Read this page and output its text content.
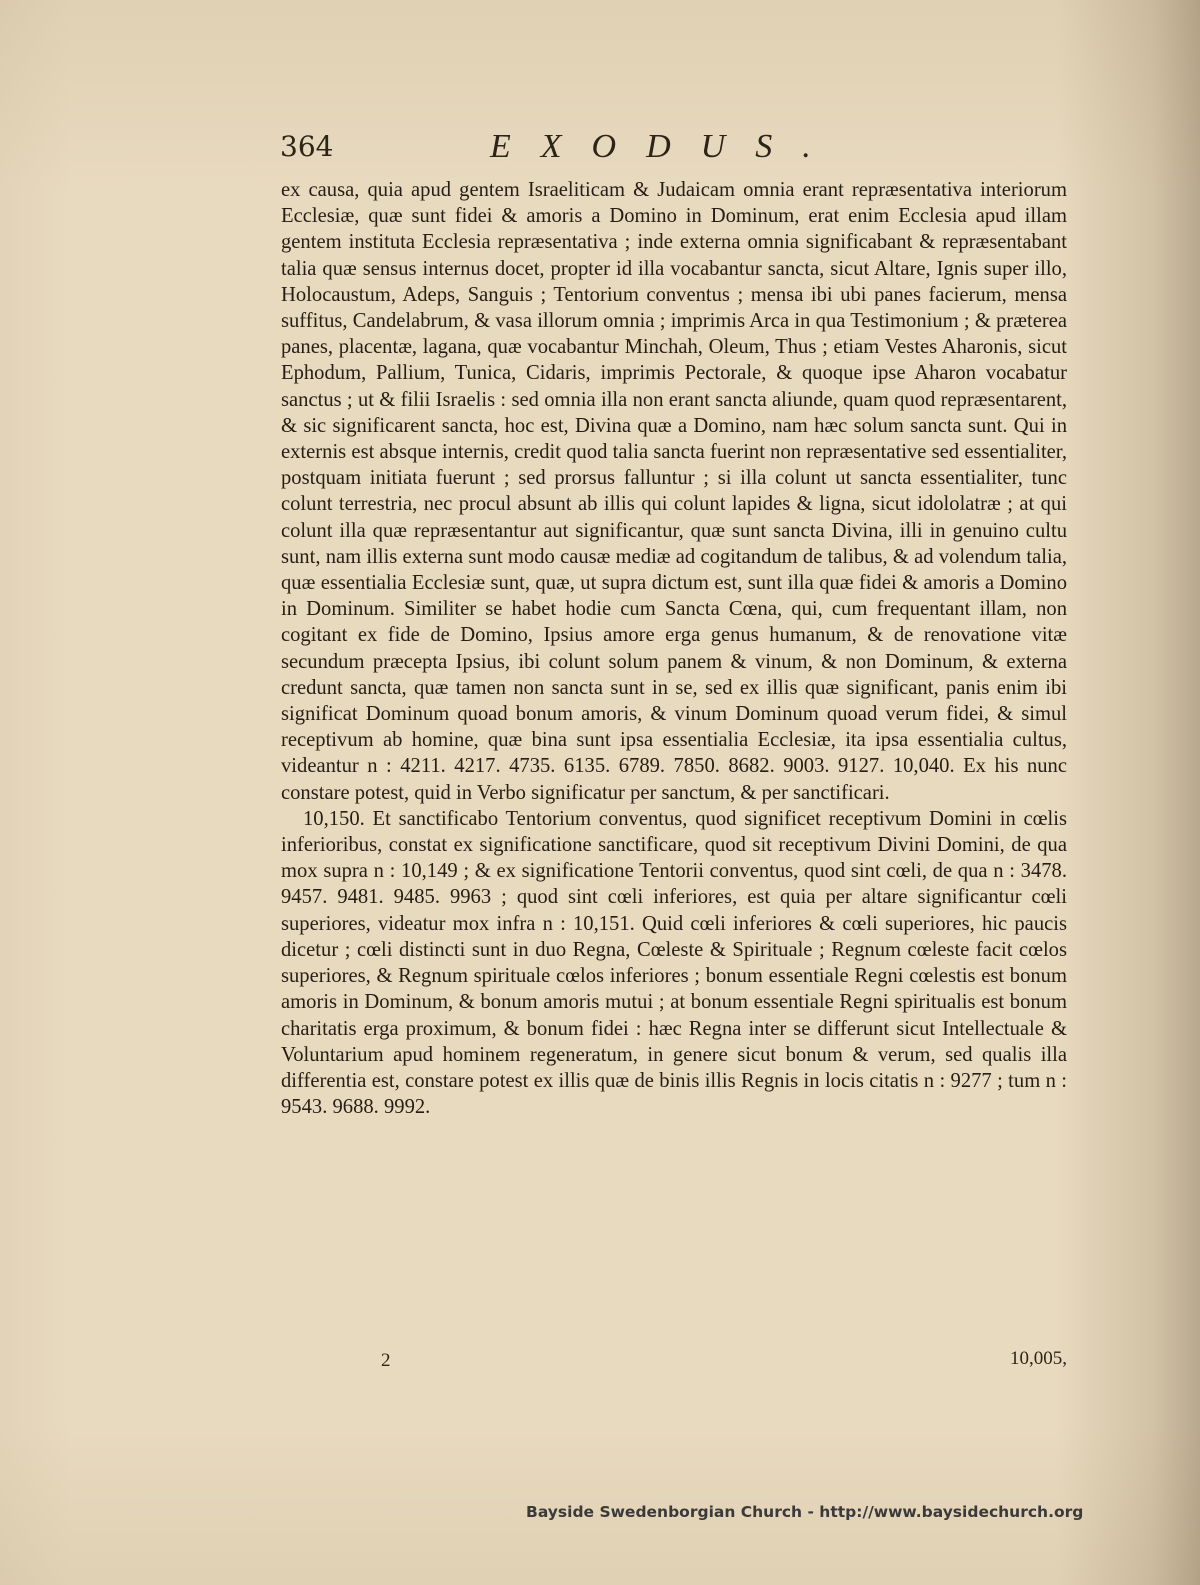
364	EXODUS.

ex causa, quia apud gentem Israeliticam & Judaicam omnia erant repræsentativa interiorum Ecclesiæ, quæ sunt fidei & amoris a Domino in Dominum, erat enim Ecclesia apud illam gentem instituta Ecclesia repræsentativa ; inde externa omnia significabant & repræsentabant talia quæ sensus internus docet, propter id illa vocabantur sancta, sicut Altare, Ignis super illo, Holocaustum, Adeps, Sanguis ; Tentorium conventus ; mensa ibi ubi panes facierum, mensa suffitus, Candelabrum, & vasa illorum omnia ; imprimis Arca in qua Testimonium ; & præterea panes, placentæ, lagana, quæ vocabantur Minchah, Oleum, Thus ; etiam Vestes Aharonis, sicut Ephodum, Pallium, Tunica, Cidaris, imprimis Pectorale, & quoque ipse Aharon vocabatur sanctus ; ut & filii Israelis : sed omnia illa non erant sancta aliunde, quam quod repræsentarent, & sic significarent sancta, hoc est, Divina quæ a Domino, nam hæc solum sancta sunt. Qui in externis est absque internis, credit quod talia sancta fuerint non repræsentative sed essentialiter, postquam initiata fuerunt ; sed prorsus falluntur ; si illa colunt ut sancta essentialiter, tunc colunt terrestria, nec procul absunt ab illis qui colunt lapides & ligna, sicut idololatræ ; at qui colunt illa quæ repræsentantur aut significantur, quæ sunt sancta Divina, illi in genuino cultu sunt, nam illis externa sunt modo causæ mediæ ad cogitandum de talibus, & ad volendum talia, quæ essentialia Ecclesiæ sunt, quæ, ut supra dictum est, sunt illa quæ fidei & amoris a Domino in Dominum. Similiter se habet hodie cum Sancta Cœna, qui, cum frequentant illam, non cogitant ex fide de Domino, Ipsius amore erga genus humanum, & de renovatione vitæ secundum præcepta Ipsius, ibi colunt solum panem & vinum, & non Dominum, & externa credunt sancta, quæ tamen non sancta sunt in se, sed ex illis quæ significant, panis enim ibi significat Dominum quoad bonum amoris, & vinum Dominum quoad verum fidei, & simul receptivum ab homine, quæ bina sunt ipsa essentialia Ecclesiæ, ita ipsa essentialia cultus, videantur n : 4211. 4217. 4735. 6135. 6789. 7850. 8682. 9003. 9127. 10,040. Ex his nunc constare potest, quid in Verbo significatur per sanctum, & per sanctificari.

10,150. Et sanctificabo Tentorium conventus, quod significet receptivum Domini in cœlis inferioribus, constat ex significatione sanctificare, quod sit receptivum Divini Domini, de qua mox supra n : 10,149 ; & ex significatione Tentorii conventus, quod sint cœli, de qua n : 3478. 9457. 9481. 9485. 9963 ; quod sint cœli inferiores, est quia per altare significantur cœli superiores, videatur mox infra n : 10,151. Quid cœli inferiores & cœli superiores, hic paucis dicetur ; cœli distincti sunt in duo Regna, Cœleste & Spirituale ; Regnum cœleste facit cœlos superiores, & Regnum spirituale cœlos inferiores ; bonum essentiale Regni cœlestis est bonum amoris in Dominum, & bonum amoris mutui ; at bonum essentiale Regni spiritualis est bonum charitatis erga proximum, & bonum fidei : hæc Regna inter se differunt sicut Intellectuale & Voluntarium apud hominem regeneratum, in genere sicut bonum & verum, sed qualis illa differentia est, constare potest ex illis quæ de binis illis Regnis in locis citatis n : 9277 ; tum n : 9543. 9688. 9992.

2	10,005,
Bayside Swedenborgian Church - http://www.baysidechurch.org
